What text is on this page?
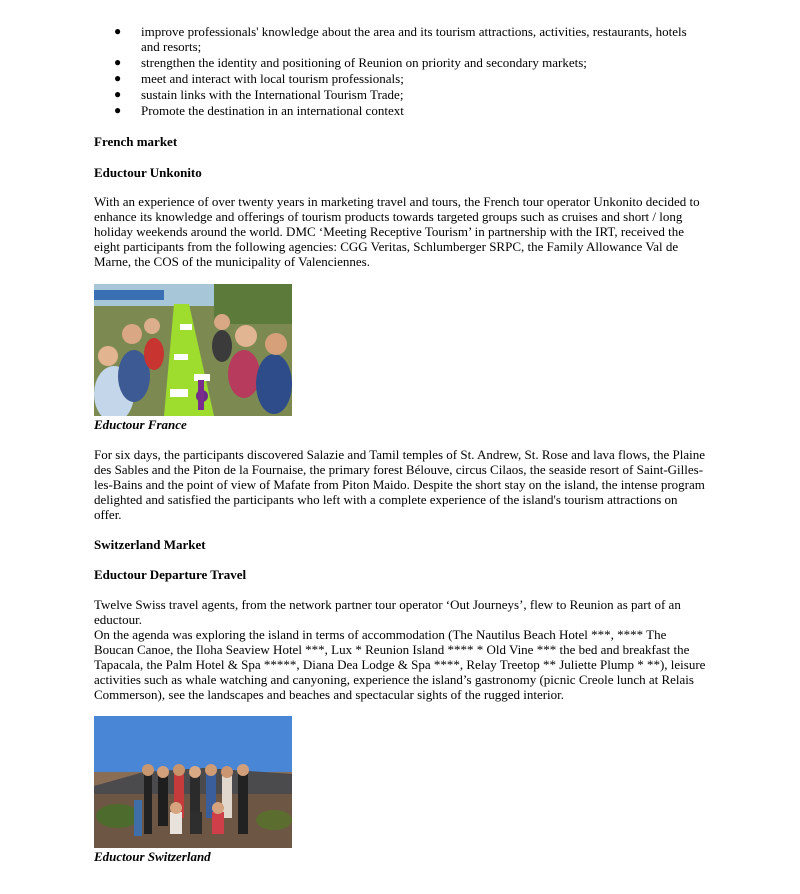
● improve professionals' knowledge about the area and its tourism attractions, activities, restaurants, hotels and resorts;
● strengthen the identity and positioning of Reunion on priority and secondary markets;
● meet and interact with local tourism professionals;
● sustain links with the International Tourism Trade;
● Promote the destination in an international context

French market

Eductour Unkonito

With an experience of over twenty years in marketing travel and tours, the French tour operator Unkonito decided to enhance its knowledge and offerings of tourism products towards targeted groups such as cruises and short / long holiday weekends around the world. DMC ‘Meeting Receptive Tourism’ in partnership with the IRT, received the eight participants from the following agencies: CGG Veritas, Schlumberger SRPC, the Family Allowance Val de Marne, the COS of the municipality of Valenciennes.

Eductour France

For six days, the participants discovered Salazie and Tamil temples of St. Andrew, St. Rose and lava flows, the Plaine des Sables and the Piton de la Fournaise, the primary forest Bélouve, circus Cilaos, the seaside resort of Saint-Gilles-les-Bains and the point of view of Mafate from Piton Maido. Despite the short stay on the island, the intense program delighted and satisfied the participants who left with a complete experience of the island's tourism attractions on offer.

Switzerland Market

Eductour Departure Travel

Twelve Swiss travel agents, from the network partner tour operator ‘Out Journeys’, flew to Reunion as part of an eductour.

On the agenda was exploring the island in terms of accommodation (The Nautilus Beach Hotel ***, **** The Boucan Canoe, the Iloha Seaview Hotel ***, Lux * Reunion Island **** * Old Vine *** the bed and breakfast the Tapacala, the Palm Hotel & Spa *****, Diana Dea Lodge & Spa ****, Relay Treetop ** Juliette Plump * **), leisure activities such as whale watching and canyoning, experience the island’s gastronomy (picnic Creole lunch at Relais Commerson), see the landscapes and beaches and spectacular sights of the rugged interior.

Eductour Switzerland
